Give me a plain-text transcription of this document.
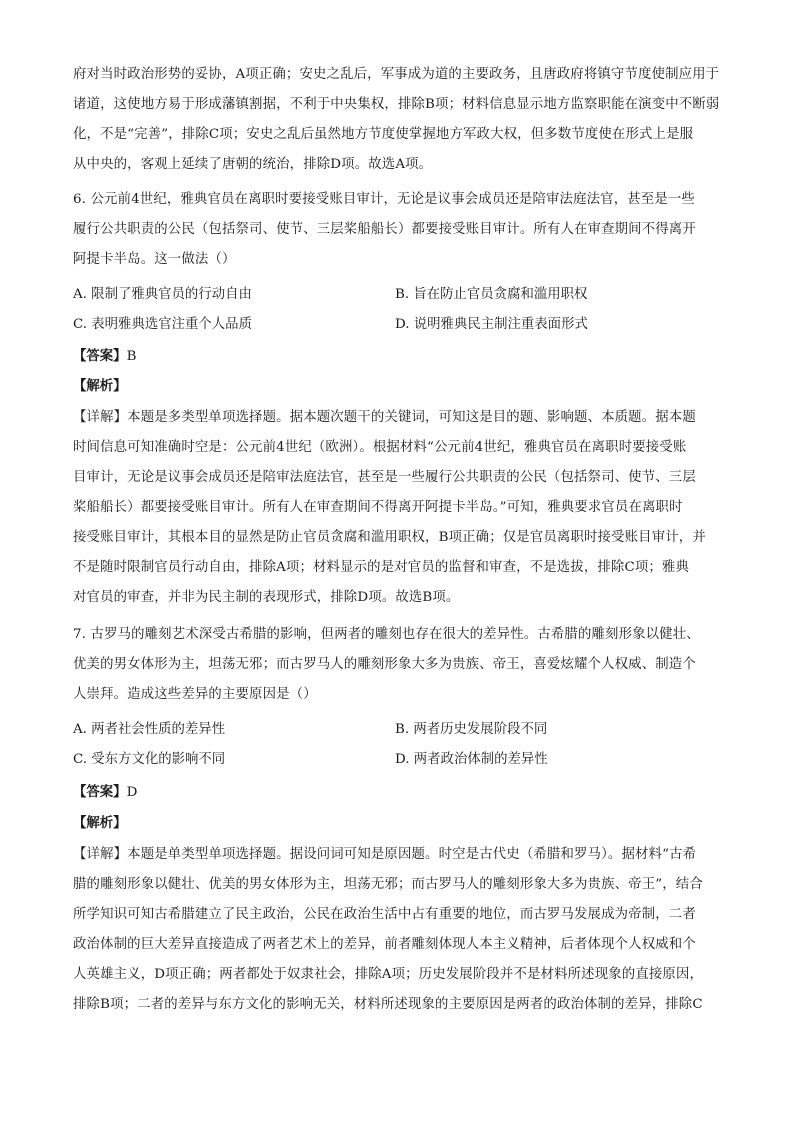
府对当时政治形势的妥协，A项正确；安史之乱后，军事成为道的主要政务，且唐政府将镇守节度使制应用于
诸道，这使地方易于形成藩镇割据，不利于中央集权，排除B项；材料信息显示地方监察职能在演变中不断弱
化，不是“完善”，排除C项；安史之乱后虽然地方节度使掌握地方军政大权，但多数节度使在形式上是服
从中央的，客观上延续了唐朝的统治，排除D项。故选A项。
6. 公元前4世纪，雅典官员在离职时要接受账目审计，无论是议事会成员还是陪审法庭法官，甚至是一些
履行公共职责的公民（包括祭司、使节、三层桨船船长）都要接受账目审计。所有人在审查期间不得离开
阿提卡半岛。这一做法（）
A. 限制了雅典官员的行动自由	B. 旨在防止官员贪腐和滥用职权
C. 表明雅典选官注重个人品质	D. 说明雅典民主制注重表面形式
【答案】B
【解析】
【详解】本题是多类型单项选择题。据本题次题干的关键词，可知这是目的题、影响题、本质题。据本题
时间信息可知准确时空是：公元前4世纪（欧洲）。根据材料“公元前4世纪，雅典官员在离职时要接受账
目审计，无论是议事会成员还是陪审法庭法官，甚至是一些履行公共职责的公民（包括祭司、使节、三层
桨船船长）都要接受账目审计。所有人在审查期间不得离开阿提卡半岛。”可知，雅典要求官员在离职时
接受账目审计，其根本目的显然是防止官员贪腐和滥用职权，B项正确；仅是官员离职时接受账目审计，并
不是随时限制官员行动自由，排除A项；材料显示的是对官员的监督和审查，不是选拔，排除C项；雅典
对官员的审查，并非为民主制的表现形式，排除D项。故选B项。
7. 古罗马的雕刻艺术深受古希腊的影响，但两者的雕刻也存在很大的差异性。古希腊的雕刻形象以健壮、
优美的男女体形为主，坦荡无邪；而古罗马人的雕刻形象大多为贵族、帝王，喜爱炫耀个人权威、制造个
人崇拜。造成这些差异的主要原因是（）
A. 两者社会性质的差异性	B. 两者历史发展阶段不同
C. 受东方文化的影响不同	D. 两者政治体制的差异性
【答案】D
【解析】
【详解】本题是单类型单项选择题。据设问词可知是原因题。时空是古代史（希腊和罗马）。据材料“古希
腊的雕刻形象以健壮、优美的男女体形为主，坦荡无邪；而古罗马人的雕刻形象大多为贵族、帝王”，结合
所学知识可知古希腊建立了民主政治，公民在政治生活中占有重要的地位，而古罗马发展成为帝制，二者
政治体制的巨大差异直接造成了两者艺术上的差异，前者雕刻体现人本主义精神，后者体现个人权威和个
人英雄主义，D项正确；两者都处于奴隶社会，排除A项；历史发展阶段并不是材料所述现象的直接原因，
排除B项；二者的差异与东方文化的影响无关，材料所述现象的主要原因是两者的政治体制的差异，排除C
